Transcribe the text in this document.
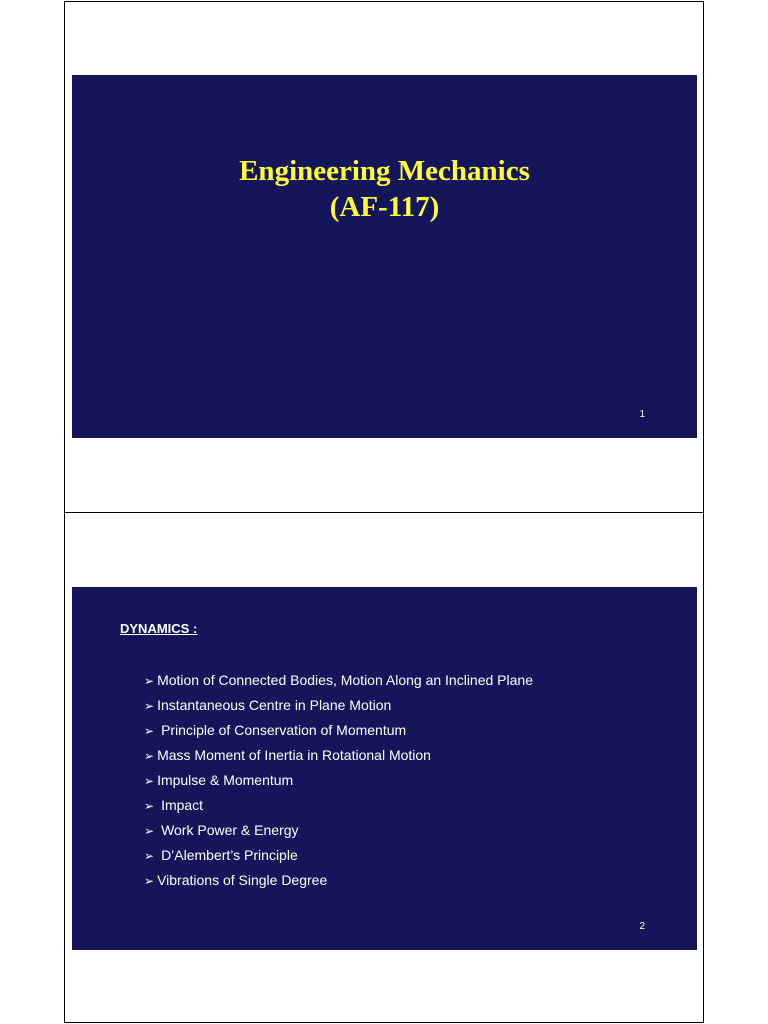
Engineering Mechanics
(AF-117)
1
DYNAMICS :
➢ Motion of Connected Bodies, Motion Along an Inclined Plane
➢ Instantaneous Centre in Plane Motion
➢ Principle of Conservation of Momentum
➢ Mass Moment of Inertia in Rotational Motion
➢ Impulse & Momentum
➢ Impact
➢ Work Power & Energy
➢ D’Alembert’s Principle
➢ Vibrations of Single Degree
2
